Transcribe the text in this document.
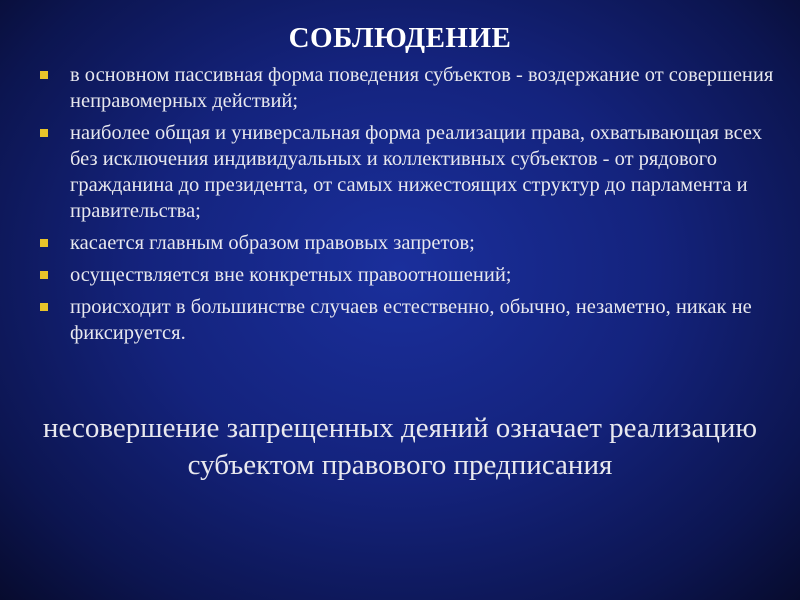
СОБЛЮДЕНИЕ
в основном пассивная форма поведения субъектов - воздержание от совершения неправомерных действий;
наиболее общая и универсальная форма реализации права, охватывающая всех без исключения индивидуальных и коллективных субъектов - от рядового гражданина до президента, от самых нижестоящих структур до парламента и правительства;
касается главным образом правовых запретов;
осуществляется вне конкретных правоотношений;
происходит в большинстве случаев естественно, обычно, незаметно, никак не фиксируется.
несовершение запрещенных деяний означает реализацию субъектом правового предписания
